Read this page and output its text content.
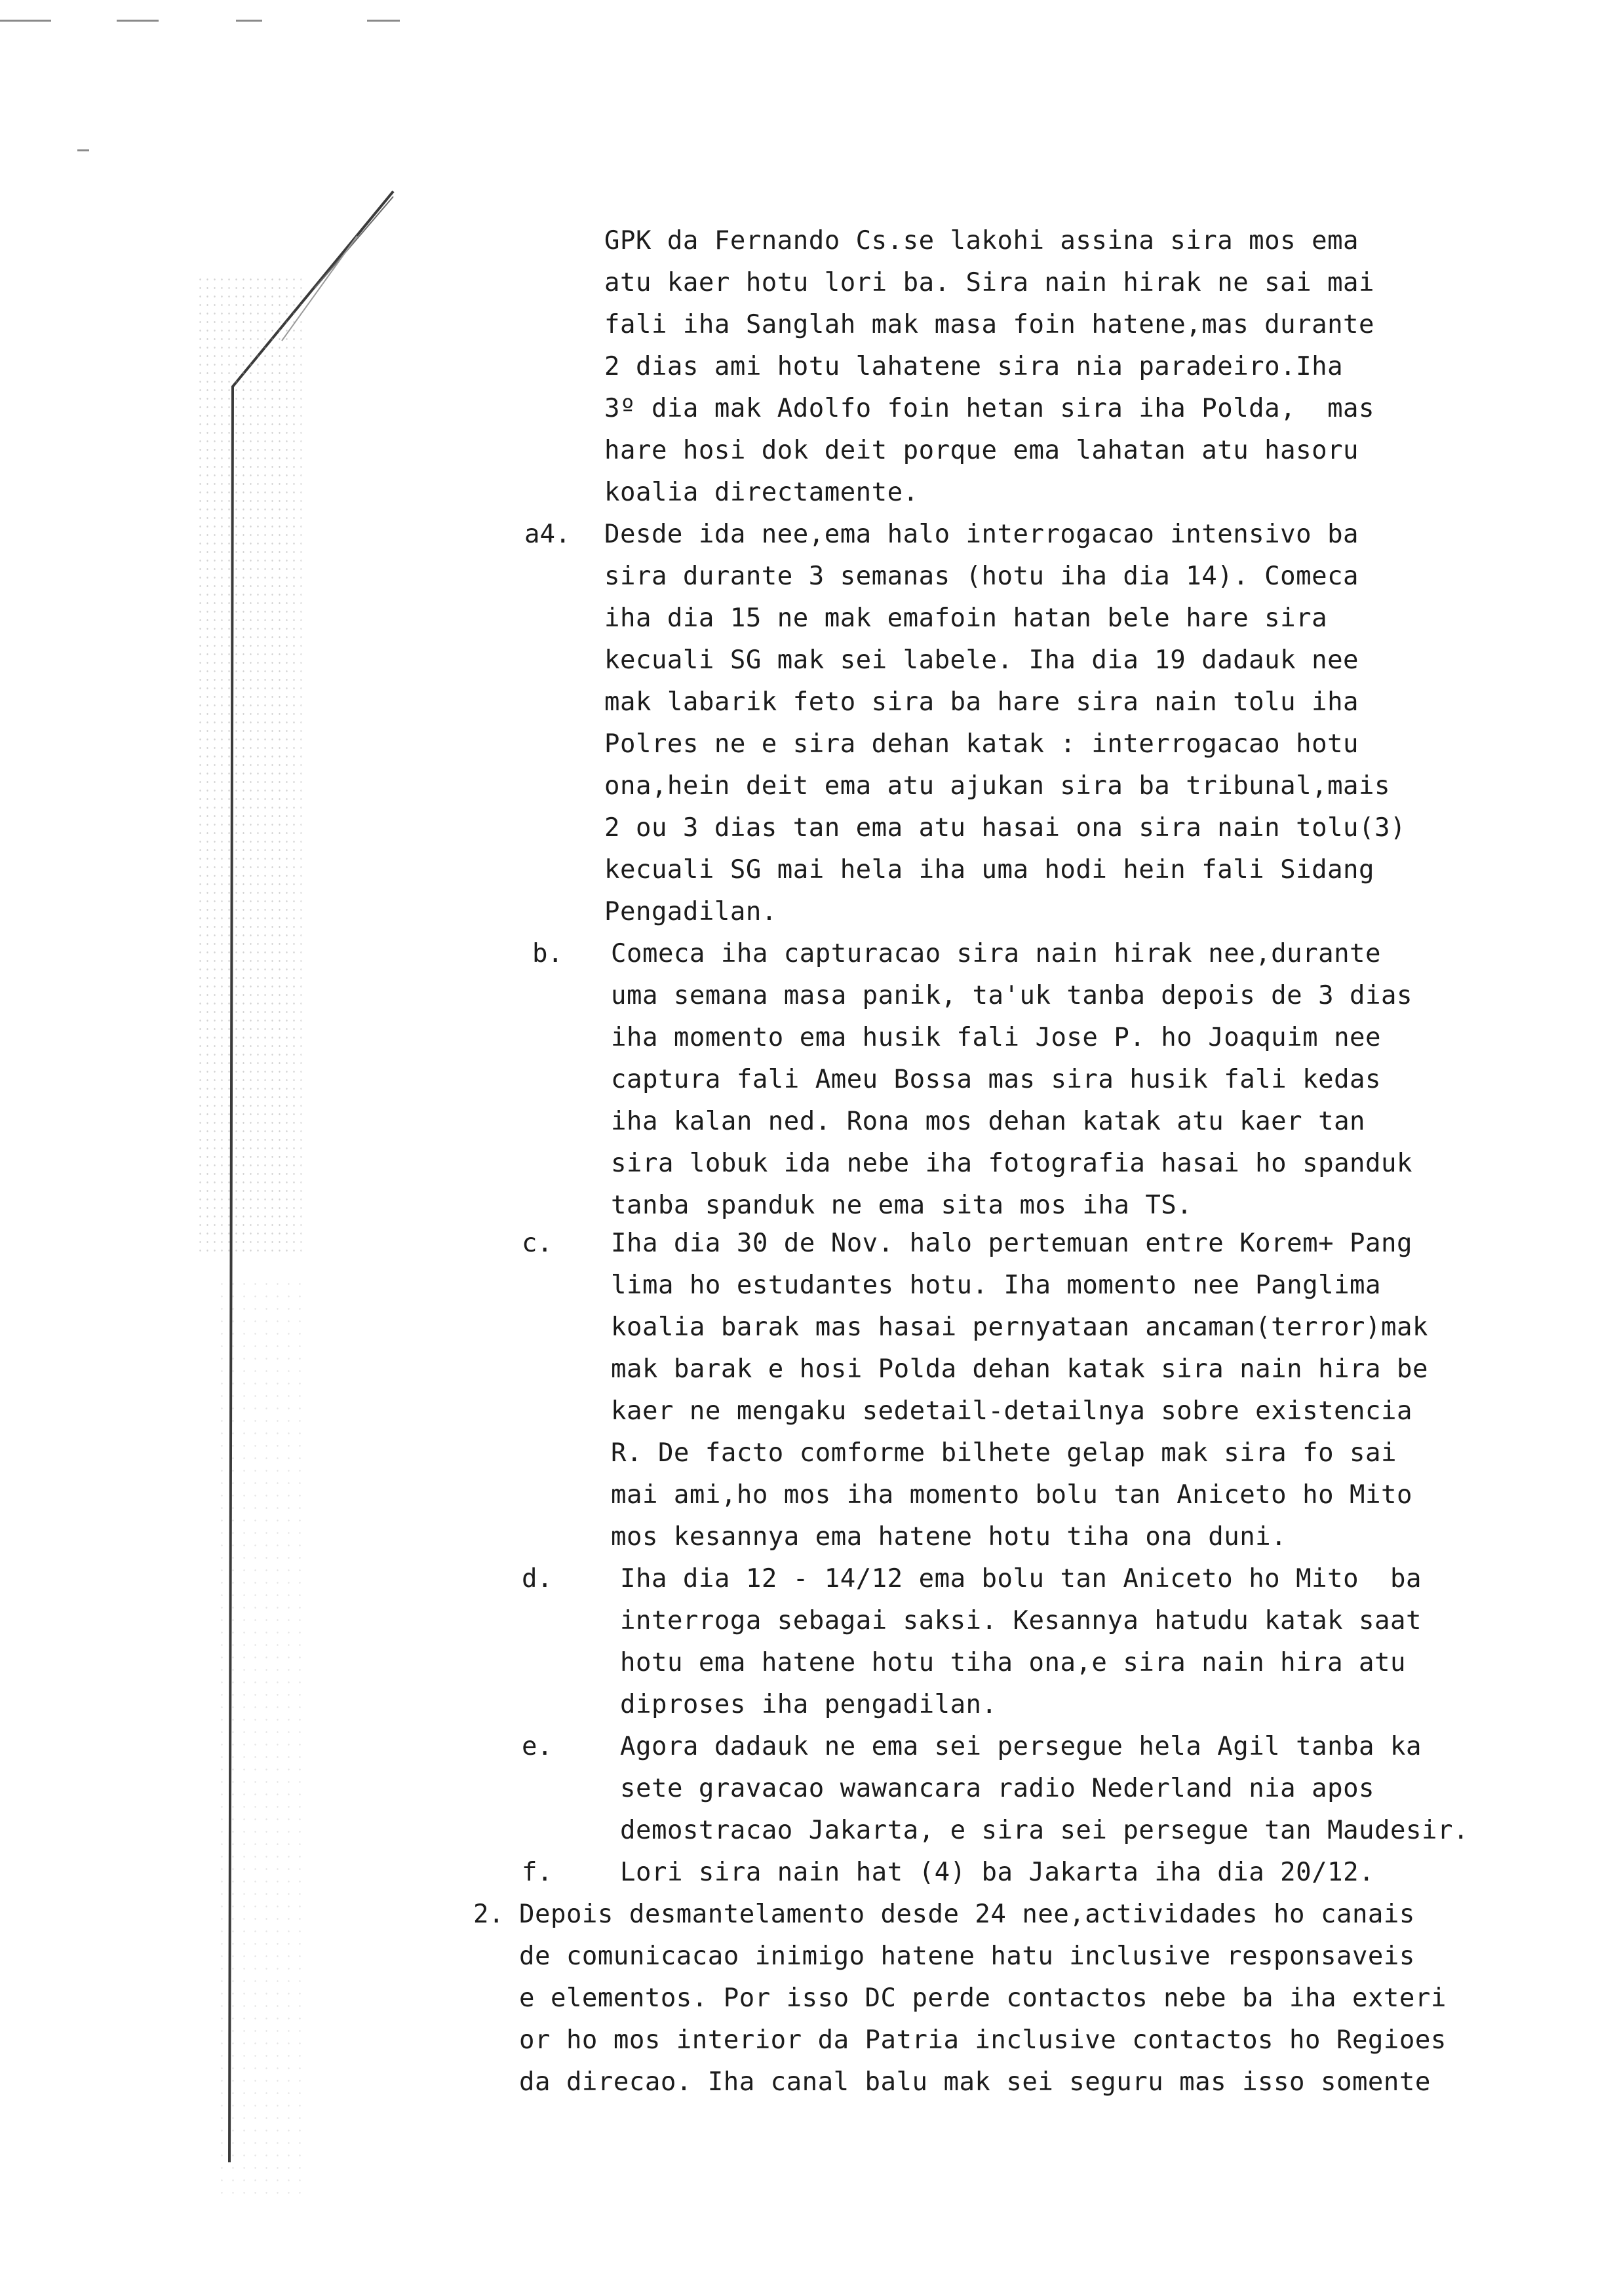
GPK da Fernando Cs.se lakohi assina sira mos ema
atu kaer hotu lori ba. Sira nain hirak ne sai mai
fali iha Sanglah mak masa foin hatene,mas durante
2 dias ami hotu lahatene sira nia paradeiro.Iha
3º dia mak Adolfo foin hetan sira iha Polda,  mas
hare hosi dok deit porque ema lahatan atu hasoru
koalia directamente.
a4. Desde ida nee,ema halo interrogacao intensivo ba
sira durante 3 semanas (hotu iha dia 14). Comeca
iha dia 15 ne mak emafoin hatan bele hare sira
kecuali SG mak sei labele. Iha dia 19 dadauk nee
mak labarik feto sira ba hare sira nain tolu iha
Polres ne e sira dehan katak : interrogacao hotu
ona,hein deit ema atu ajukan sira ba tribunal,mais
2 ou 3 dias tan ema atu hasai ona sira nain tolu(3)
kecuali SG mai hela iha uma hodi hein fali Sidang
Pengadilan.
b. Comeca iha capturacao sira nain hirak nee,durante
uma semana masa panik, ta'uk tanba depois de 3 dias
iha momento ema husik fali Jose P. ho Joaquim nee
captura fali Ameu Bossa mas sira husik fali kedas
iha kalan ned. Rona mos dehan katak atu kaer tan
sira lobuk ida nebe iha fotografia hasai ho spanduk
tanba spanduk ne ema sita mos iha TS.
c. Iha dia 30 de Nov. halo pertemuan entre Korem+ Pang
lima ho estudantes hotu. Iha momento nee Panglima
koalia barak mas hasai pernyataan ancaman(terror)mak
mak barak e hosi Polda dehan katak sira nain hira be
kaer ne mengaku sedetail-detailnya sobre existencia
R. De facto comforme bilhete gelap mak sira fo sai
mai ami,ho mos iha momento bolu tan Aniceto ho Mito
mos kesannya ema hatene hotu tiha ona duni.
d.	Iha dia 12 - 14/12 ema bolu tan Aniceto ho Mito  ba
interroga sebagai saksi. Kesannya hatudu katak saat
hotu ema hatene hotu tiha ona,e sira nain hira atu
diproses iha pengadilan.
e.	Agora dadauk ne ema sei persegue hela Agil tanba ka
sete gravacao wawancara radio Nederland nia apos
demostracao Jakarta, e sira sei persegue tan Maudesir.
f.	Lori sira nain hat (4) ba Jakarta iha dia 20/12.
2. Depois desmantelamento desde 24 nee,actividades ho canais
de comunicacao inimigo hatene hatu inclusive responsaveis
e elementos. Por isso DC perde contactos nebe ba iha exteri
or ho mos interior da Patria inclusive contactos ho Regioes
da direcao. Iha canal balu mak sei seguru mas isso somente
